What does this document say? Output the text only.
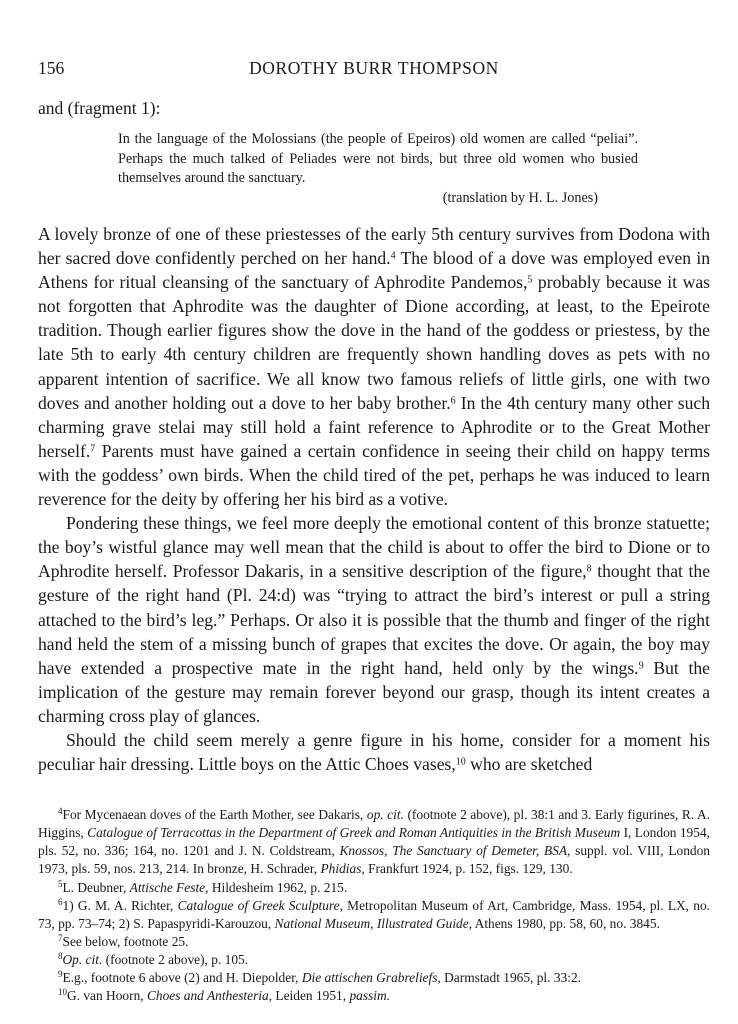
156	DOROTHY BURR THOMPSON
and (fragment 1):
In the language of the Molossians (the people of Epeiros) old women are called “peliai”. Perhaps the much talked of Peliades were not birds, but three old women who busied themselves around the sanctuary.
(translation by H. L. Jones)

A lovely bronze of one of these priestesses of the early 5th century survives from Dodona with her sacred dove confidently perched on her hand.$^4$ The blood of a dove was employed even in Athens for ritual cleansing of the sanctuary of Aphrodite Pandemos,$^5$ probably because it was not forgotten that Aphrodite was the daughter of Dione according, at least, to the Epeirote tradition. Though earlier figures show the dove in the hand of the goddess or priestess, by the late 5th to early 4th century children are frequently shown handling doves as pets with no apparent intention of sacrifice. We all know two famous reliefs of little girls, one with two doves and another holding out a dove to her baby brother.$^6$ In the 4th century many other such charming grave stelai may still hold a faint reference to Aphrodite or to the Great Mother herself.$^7$ Parents must have gained a certain confidence in seeing their child on happy terms with the goddess’ own birds. When the child tired of the pet, perhaps he was induced to learn reverence for the deity by offering her his bird as a votive.

Pondering these things, we feel more deeply the emotional content of this bronze statuette; the boy’s wistful glance may well mean that the child is about to offer the bird to Dione or to Aphrodite herself. Professor Dakaris, in a sensitive description of the figure,$^8$ thought that the gesture of the right hand (Pl. 24:d) was “trying to attract the bird’s interest or pull a string attached to the bird’s leg.” Perhaps. Or also it is possible that the thumb and finger of the right hand held the stem of a missing bunch of grapes that excites the dove. Or again, the boy may have extended a prospective mate in the right hand, held only by the wings.$^9$ But the implication of the gesture may remain forever beyond our grasp, though its intent creates a charming cross play of glances.

Should the child seem merely a genre figure in his home, consider for a moment his peculiar hair dressing. Little boys on the Attic Choes vases,$^{10}$ who are sketched

$^4$For Mycenaean doves of the Earth Mother, see Dakaris, op. cit. (footnote 2 above), pl. 38:1 and 3. Early figurines, R. A. Higgins, Catalogue of Terracottas in the Department of Greek and Roman Antiquities in the British Museum I, London 1954, pls. 52, no. 336; 164, no. 1201 and J. N. Coldstream, Knossos, The Sanctuary of Demeter, BSA, suppl. vol. VIII, London 1973, pls. 59, nos. 213, 214. In bronze, H. Schrader, Phidias, Frankfurt 1924, p. 152, figs. 129, 130.

$^5$L. Deubner, Attische Feste, Hildesheim 1962, p. 215.

$^6$1) G. M. A. Richter, Catalogue of Greek Sculpture, Metropolitan Museum of Art, Cambridge, Mass. 1954, pl. LX, no. 73, pp. 73–74; 2) S. Papaspyridi-Karouzou, National Museum, Illustrated Guide, Athens 1980, pp. 58, 60, no. 3845.

$^7$See below, footnote 25.

$^8$Op. cit. (footnote 2 above), p. 105.

$^9$E.g., footnote 6 above (2) and H. Diepolder, Die attischen Grabreliefs, Darmstadt 1965, pl. 33:2.

$^{10}$G. van Hoorn, Choes and Anthesteria, Leiden 1951, passim.
